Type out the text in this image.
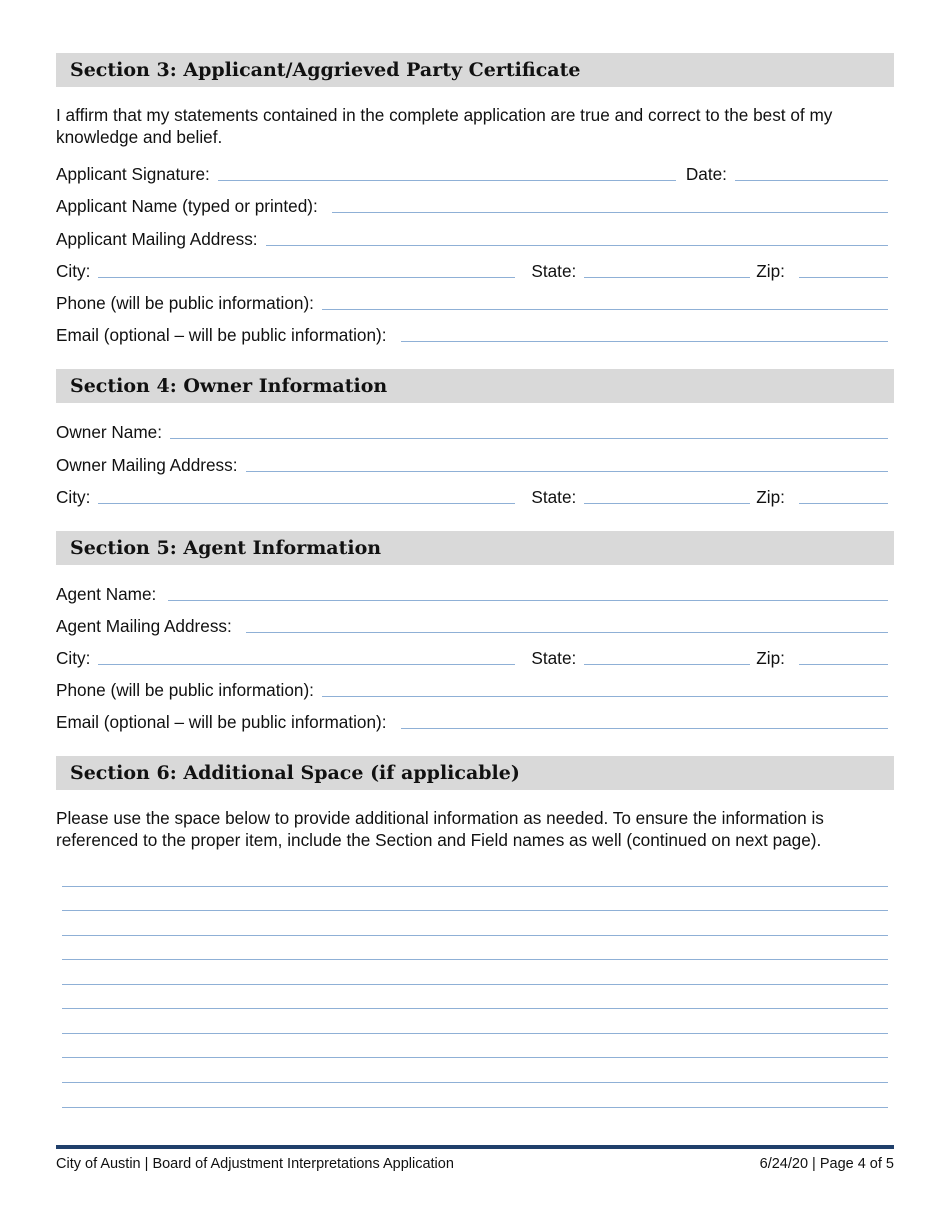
Section 3: Applicant/Aggrieved Party Certificate

I affirm that my statements contained in the complete application are true and correct to the best of my knowledge and belief.

Applicant Signature:	Date:
Applicant Name (typed or printed):
Applicant Mailing Address:
City:	State:	Zip:
Phone (will be public information):
Email (optional – will be public information):
Section 4: Owner Information
Owner Name:
Owner Mailing Address:
City:	State:	Zip:
Section 5: Agent Information
Agent Name:
Agent Mailing Address:
City:	State:	Zip:
Phone (will be public information):
Email (optional – will be public information):
Section 6: Additional Space (if applicable)

Please use the space below to provide additional information as needed. To ensure the information is referenced to the proper item, include the Section and Field names as well (continued on next page).

City of Austin | Board of Adjustment Interpretations Application	6/24/20 | Page 4 of 5
